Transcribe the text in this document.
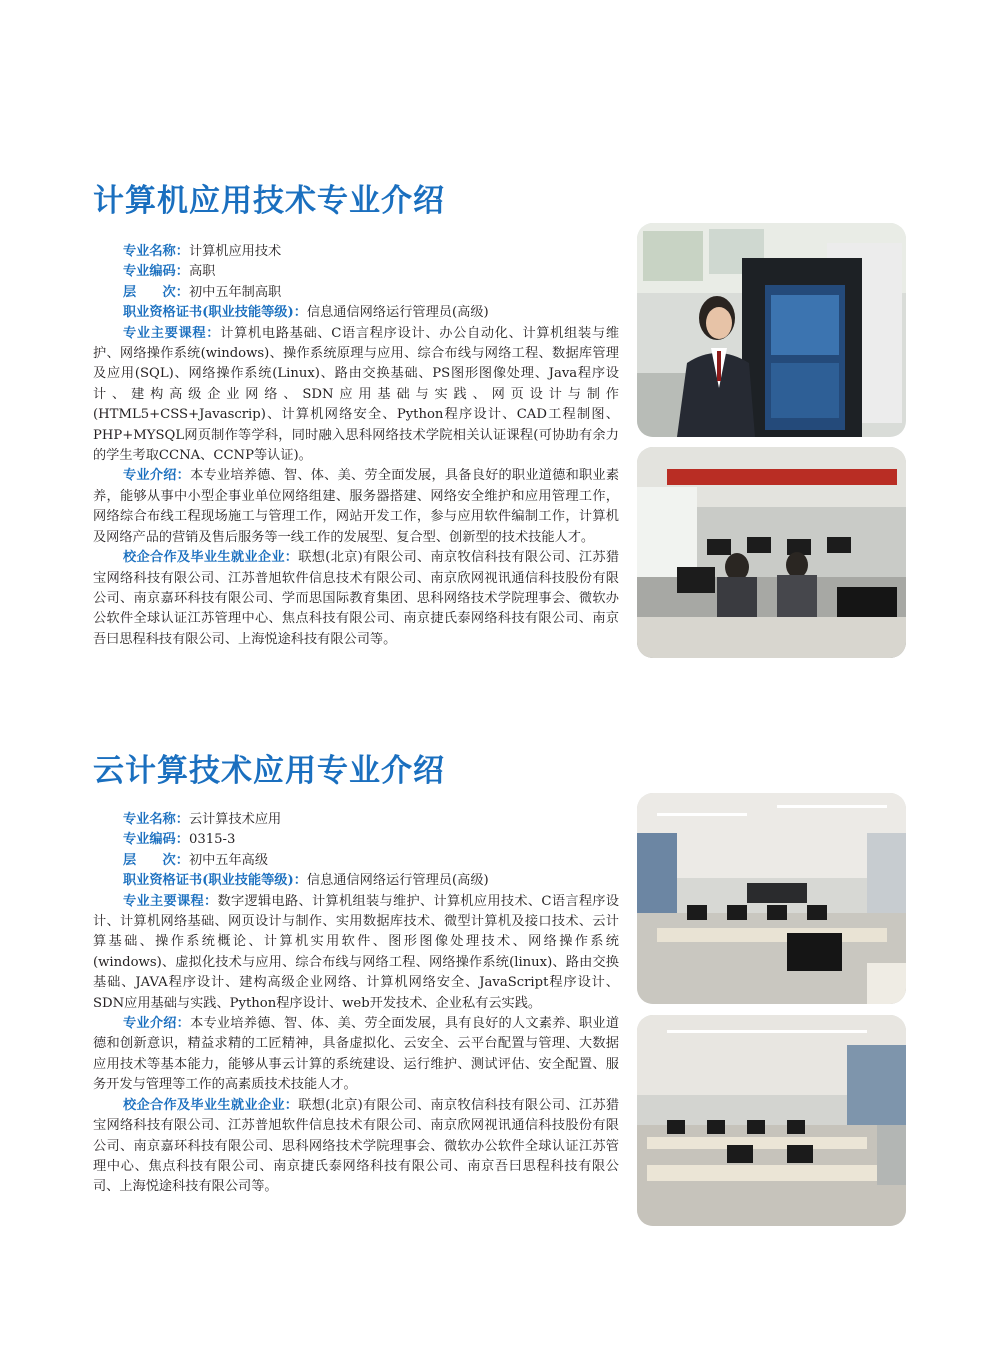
计算机应用技术专业介绍

专业名称：计算机应用技术

专业编码：高职

层　　次：初中五年制高职

职业资格证书(职业技能等级)：信息通信网络运行管理员(高级)

专业主要课程：计算机电路基础、C语言程序设计、办公自动化、计算机组装与维护、网络操作系统(windows)、操作系统原理与应用、综合布线与网络工程、数据库管理及应用(SQL)、网络操作系统(Linux)、路由交换基础、PS图形图像处理、Java程序设计、建构高级企业网络、SDN应用基础与实践、网页设计与制作(HTML5+CSS+Javascrip)、计算机网络安全、Python程序设计、CAD工程制图、PHP+MYSQL网页制作等学科，同时融入思科网络技术学院相关认证课程(可协助有余力的学生考取CCNA、CCNP等认证)。

专业介绍：本专业培养德、智、体、美、劳全面发展，具备良好的职业道德和职业素养，能够从事中小型企事业单位网络组建、服务器搭建、网络安全维护和应用管理工作，网络综合布线工程现场施工与管理工作，网站开发工作，参与应用软件编制工作，计算机及网络产品的营销及售后服务等一线工作的发展型、复合型、创新型的技术技能人才。

校企合作及毕业生就业企业：联想(北京)有限公司、南京牧信科技有限公司、江苏猎宝网络科技有限公司、江苏普旭软件信息技术有限公司、南京欣网视讯通信科技股份有限公司、南京嘉环科技有限公司、学而思国际教育集团、思科网络技术学院理事会、微软办公软件全球认证江苏管理中心、焦点科技有限公司、南京捷氏泰网络科技有限公司、南京吾曰思程科技有限公司、上海悦途科技有限公司等。

云计算技术应用专业介绍

专业名称：云计算技术应用

专业编码：0315-3

层　　次：初中五年高级

职业资格证书(职业技能等级)：信息通信网络运行管理员(高级)

专业主要课程：数字逻辑电路、计算机组装与维护、计算机应用技术、C语言程序设计、计算机网络基础、网页设计与制作、实用数据库技术、微型计算机及接口技术、云计算基础、操作系统概论、计算机实用软件、图形图像处理技术、网络操作系统(windows)、虚拟化技术与应用、综合布线与网络工程、网络操作系统(linux)、路由交换基础、JAVA程序设计、建构高级企业网络、计算机网络安全、JavaScript程序设计、SDN应用基础与实践、Python程序设计、web开发技术、企业私有云实践。

专业介绍：本专业培养德、智、体、美、劳全面发展，具有良好的人文素养、职业道德和创新意识，精益求精的工匠精神，具备虚拟化、云安全、云平台配置与管理、大数据应用技术等基本能力，能够从事云计算的系统建设、运行维护、测试评估、安全配置、服务开发与管理等工作的高素质技术技能人才。

校企合作及毕业生就业企业：联想(北京)有限公司、南京牧信科技有限公司、江苏猎宝网络科技有限公司、江苏普旭软件信息技术有限公司、南京欣网视讯通信科技股份有限公司、南京嘉环科技有限公司、思科网络技术学院理事会、微软办公软件全球认证江苏管理中心、焦点科技有限公司、南京捷氏泰网络科技有限公司、南京吾曰思程科技有限公司、上海悦途科技有限公司等。
